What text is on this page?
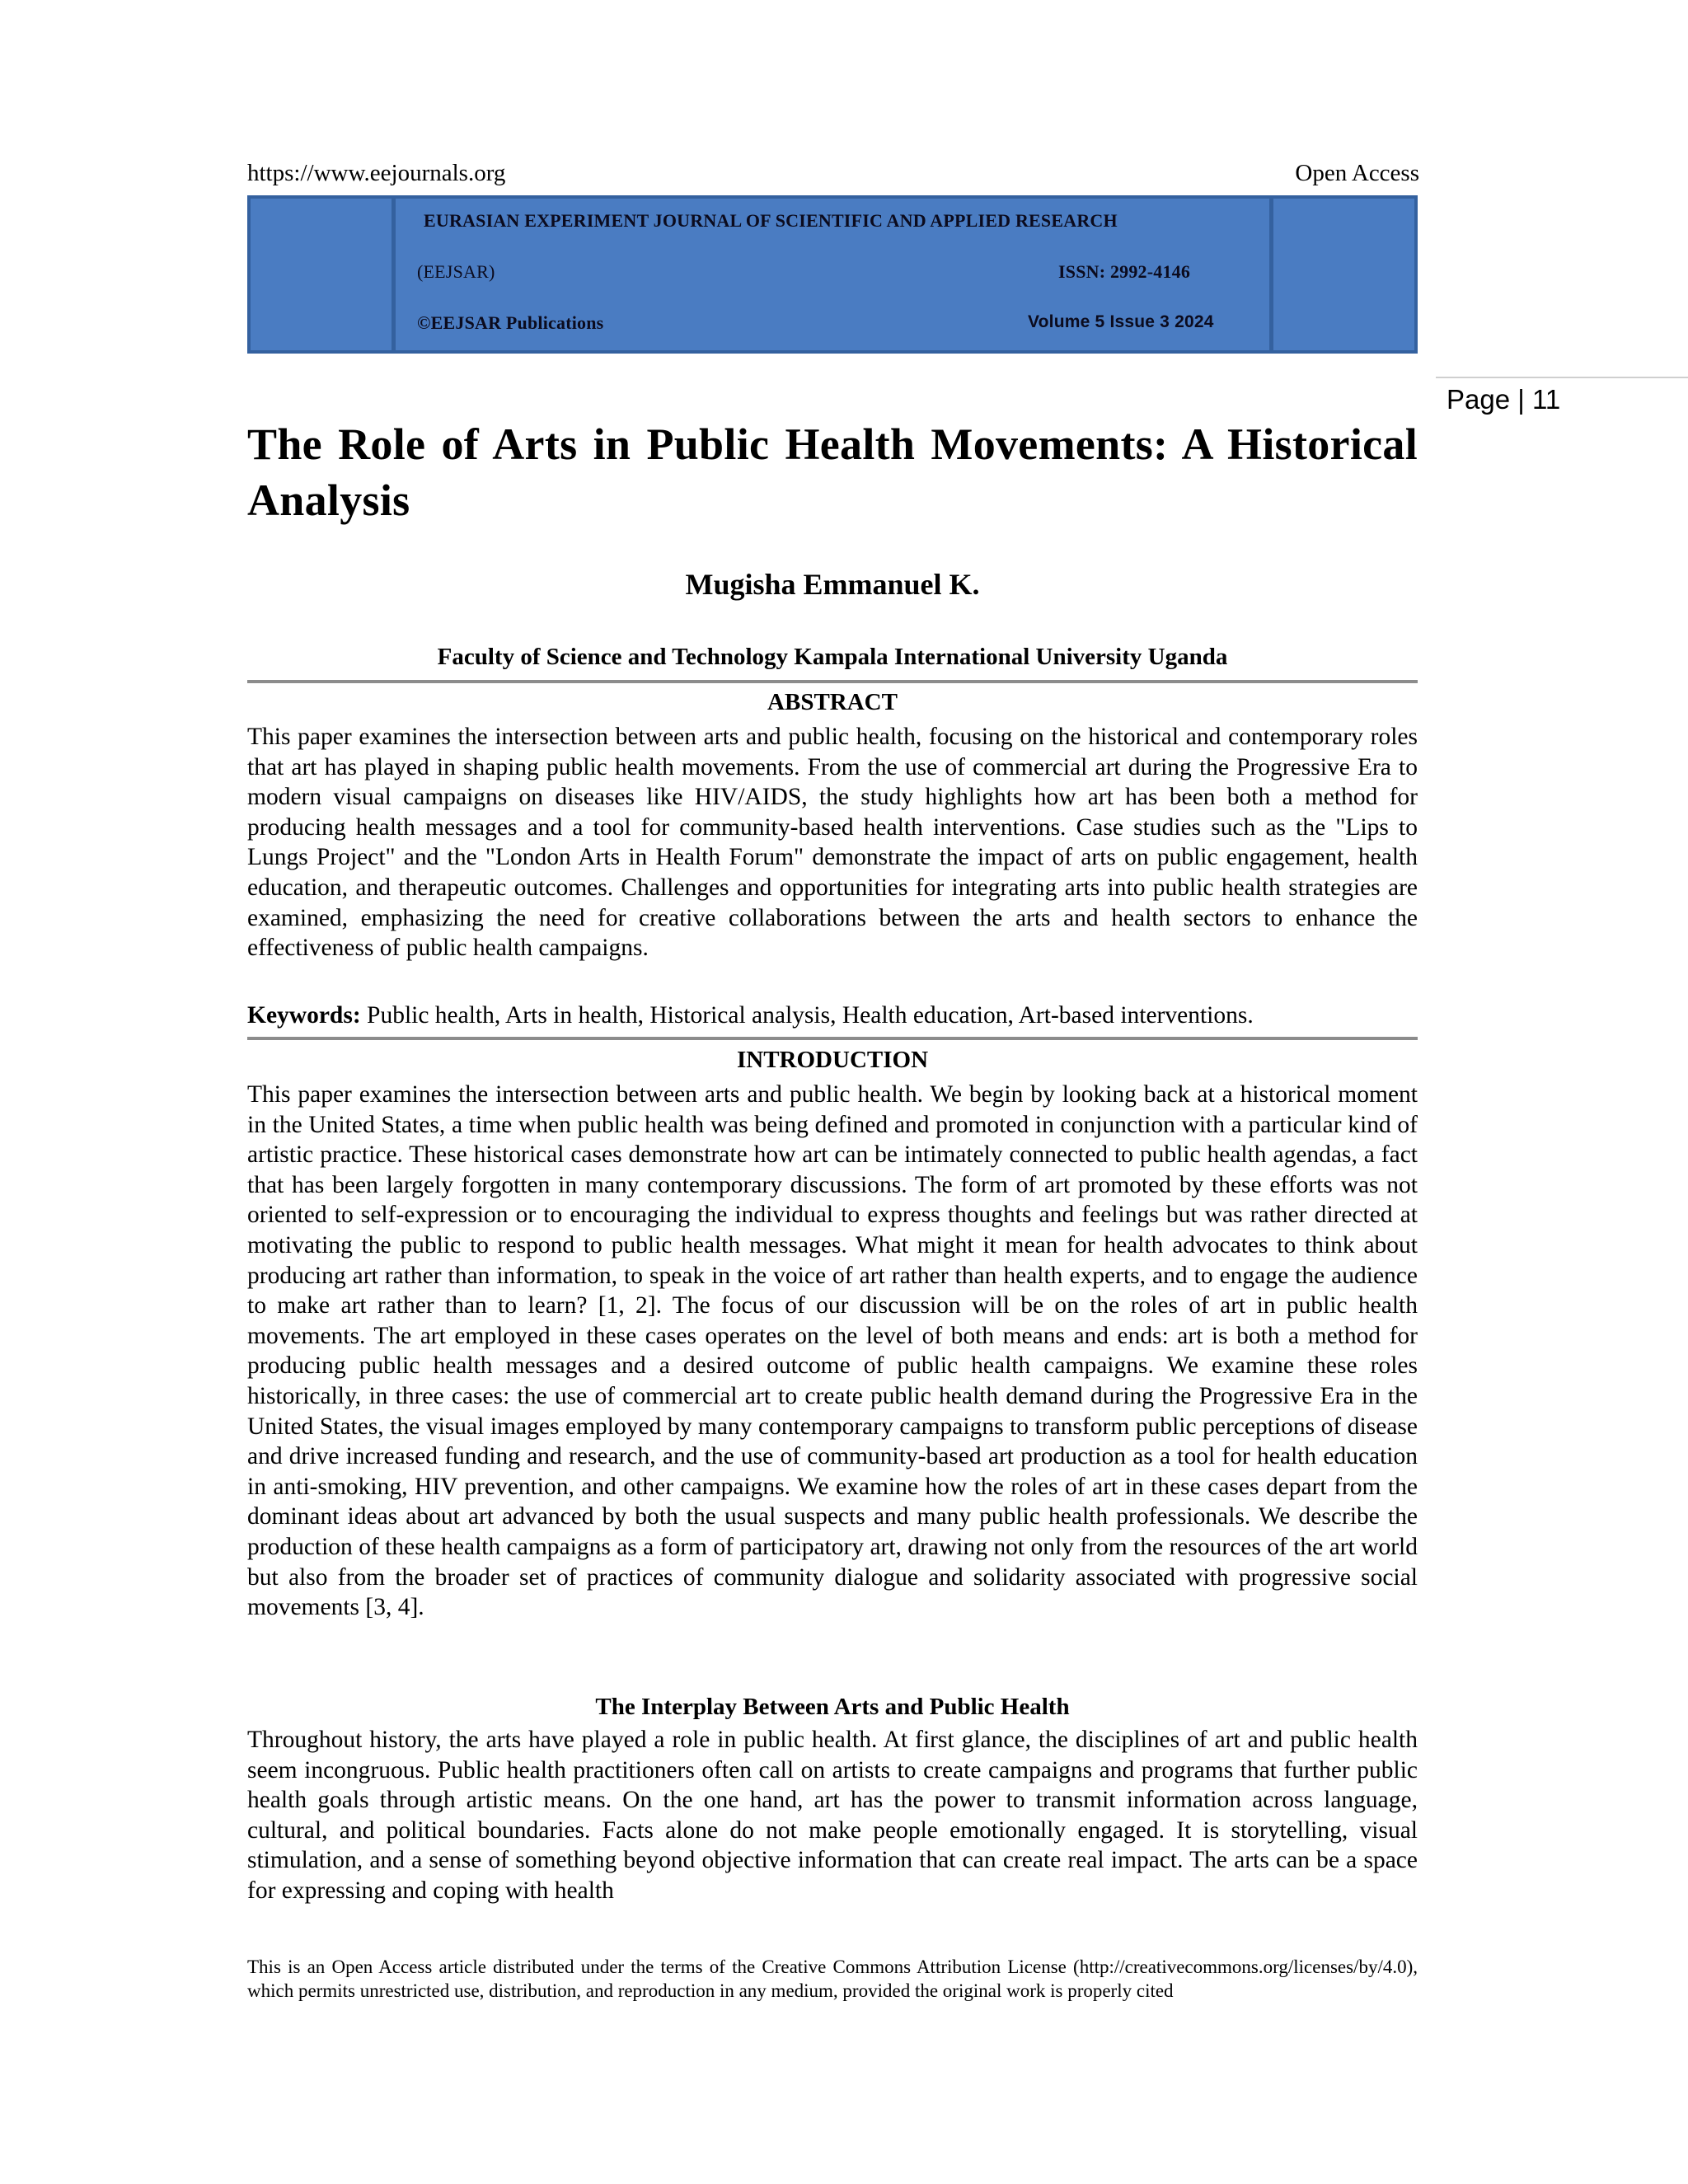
https://www.eejournals.org	Open Access
EURASIAN EXPERIMENT JOURNAL OF SCIENTIFIC AND APPLIED RESEARCH
(EEJSAR)	ISSN: 2992-4146
©EEJSAR Publications	Volume 5 Issue 3 2024
Page | 11
The Role of Arts in Public Health Movements: A Historical Analysis
Mugisha Emmanuel K.
Faculty of Science and Technology Kampala International University Uganda
ABSTRACT

This paper examines the intersection between arts and public health, focusing on the historical and contemporary roles that art has played in shaping public health movements. From the use of commercial art during the Progressive Era to modern visual campaigns on diseases like HIV/AIDS, the study highlights how art has been both a method for producing health messages and a tool for community-based health interventions. Case studies such as the "Lips to Lungs Project" and the "London Arts in Health Forum" demonstrate the impact of arts on public engagement, health education, and therapeutic outcomes. Challenges and opportunities for integrating arts into public health strategies are examined, emphasizing the need for creative collaborations between the arts and health sectors to enhance the effectiveness of public health campaigns.

Keywords: Public health, Arts in health, Historical analysis, Health education, Art-based interventions.
INTRODUCTION

This paper examines the intersection between arts and public health. We begin by looking back at a historical moment in the United States, a time when public health was being defined and promoted in conjunction with a particular kind of artistic practice. These historical cases demonstrate how art can be intimately connected to public health agendas, a fact that has been largely forgotten in many contemporary discussions. The form of art promoted by these efforts was not oriented to self-expression or to encouraging the individual to express thoughts and feelings but was rather directed at motivating the public to respond to public health messages. What might it mean for health advocates to think about producing art rather than information, to speak in the voice of art rather than health experts, and to engage the audience to make art rather than to learn? [1, 2]. The focus of our discussion will be on the roles of art in public health movements. The art employed in these cases operates on the level of both means and ends: art is both a method for producing public health messages and a desired outcome of public health campaigns. We examine these roles historically, in three cases: the use of commercial art to create public health demand during the Progressive Era in the United States, the visual images employed by many contemporary campaigns to transform public perceptions of disease and drive increased funding and research, and the use of community-based art production as a tool for health education in anti-smoking, HIV prevention, and other campaigns. We examine how the roles of art in these cases depart from the dominant ideas about art advanced by both the usual suspects and many public health professionals. We describe the production of these health campaigns as a form of participatory art, drawing not only from the resources of the art world but also from the broader set of practices of community dialogue and solidarity associated with progressive social movements [3, 4].

The Interplay Between Arts and Public Health

Throughout history, the arts have played a role in public health. At first glance, the disciplines of art and public health seem incongruous. Public health practitioners often call on artists to create campaigns and programs that further public health goals through artistic means. On the one hand, art has the power to transmit information across language, cultural, and political boundaries. Facts alone do not make people emotionally engaged. It is storytelling, visual stimulation, and a sense of something beyond objective information that can create real impact. The arts can be a space for expressing and coping with health

This is an Open Access article distributed under the terms of the Creative Commons Attribution License (http://creativecommons.org/licenses/by/4.0), which permits unrestricted use, distribution, and reproduction in any medium, provided the original work is properly cited
